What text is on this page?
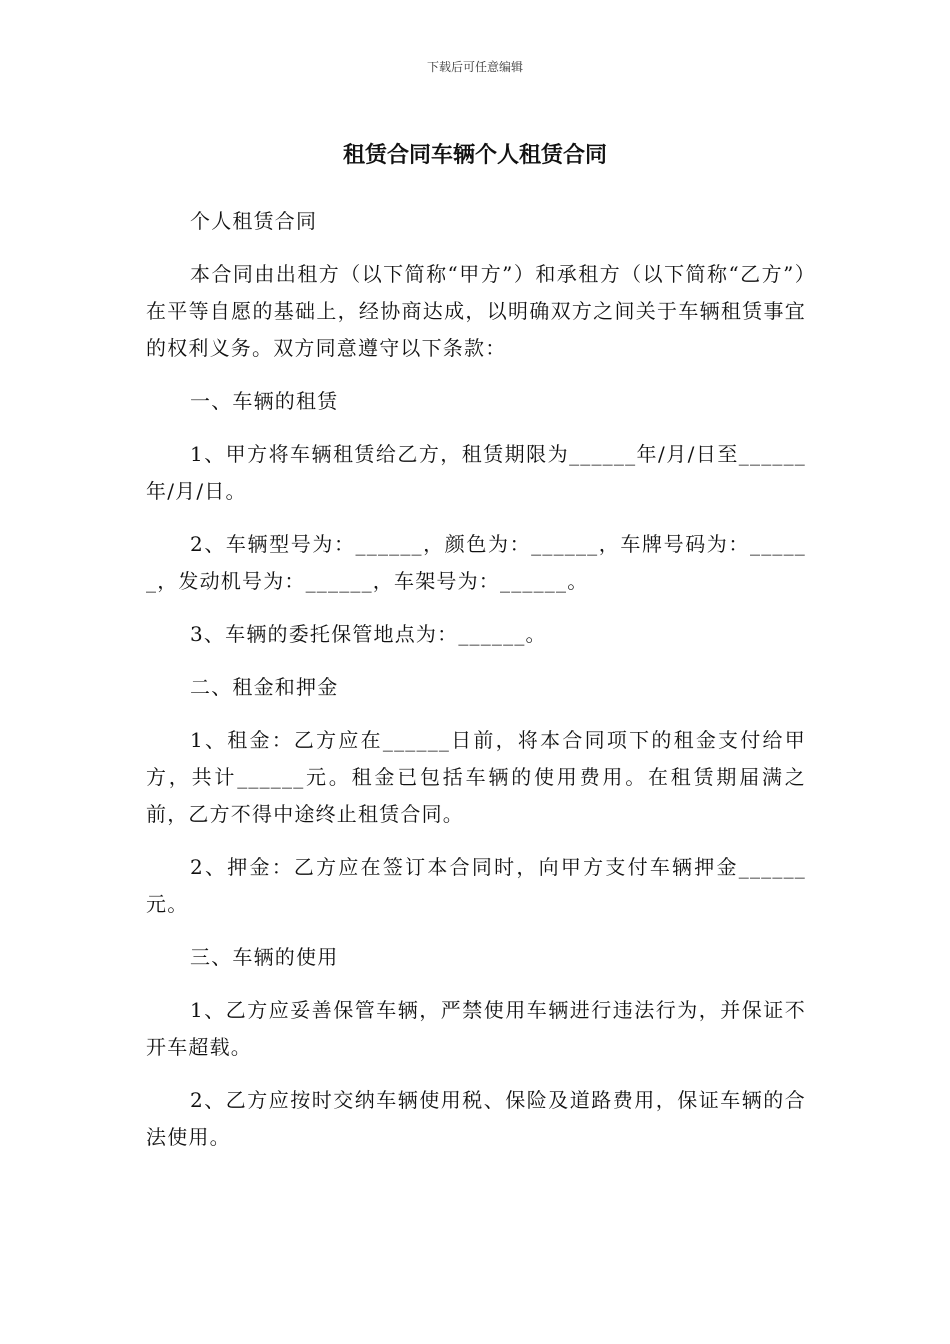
下载后可任意编辑
租赁合同车辆个人租赁合同

个人租赁合同

本合同由出租方（以下简称“甲方”）和承租方（以下简称“乙方”）在平等自愿的基础上，经协商达成，以明确双方之间关于车辆租赁事宜的权利义务。双方同意遵守以下条款：

一、车辆的租赁

1、甲方将车辆租赁给乙方，租赁期限为______年/月/日至______年/月/日。

2、车辆型号为：______，颜色为：______，车牌号码为：______，发动机号为：______，车架号为：______。

3、车辆的委托保管地点为：______。

二、租金和押金

1、租金：乙方应在______日前，将本合同项下的租金支付给甲方，共计______元。租金已包括车辆的使用费用。在租赁期届满之前，乙方不得中途终止租赁合同。

2、押金：乙方应在签订本合同时，向甲方支付车辆押金______元。

三、车辆的使用

1、乙方应妥善保管车辆，严禁使用车辆进行违法行为，并保证不开车超载。

2、乙方应按时交纳车辆使用税、保险及道路费用，保证车辆的合法使用。
